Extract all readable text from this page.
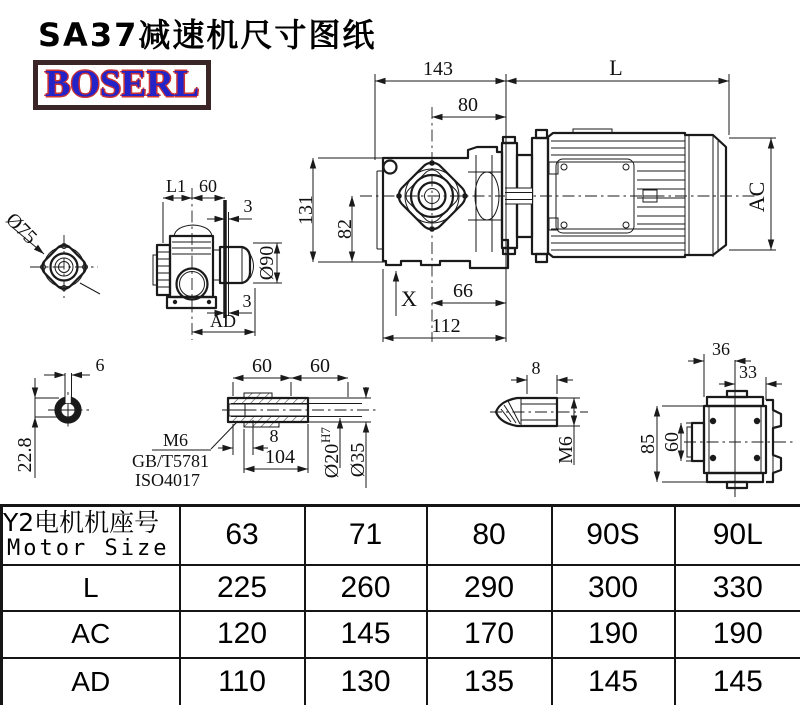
143	L
80
131
82
X 66
112
AC
Ø75
L1 60
3
Ø90
3
AD
6
22.8
60 60
8
104 Ø20
H7
Ø35
M6
GB/T5781
ISO4017
8
M6
36
33
85 60
SA37减速机尺寸图纸
BOSERL
Y2电机机座号
Motor Size	63	71	80	90S	90L
L	225	260	290	300	330
AC	120	145	170	190	190
AD	110	130	135	145	145
